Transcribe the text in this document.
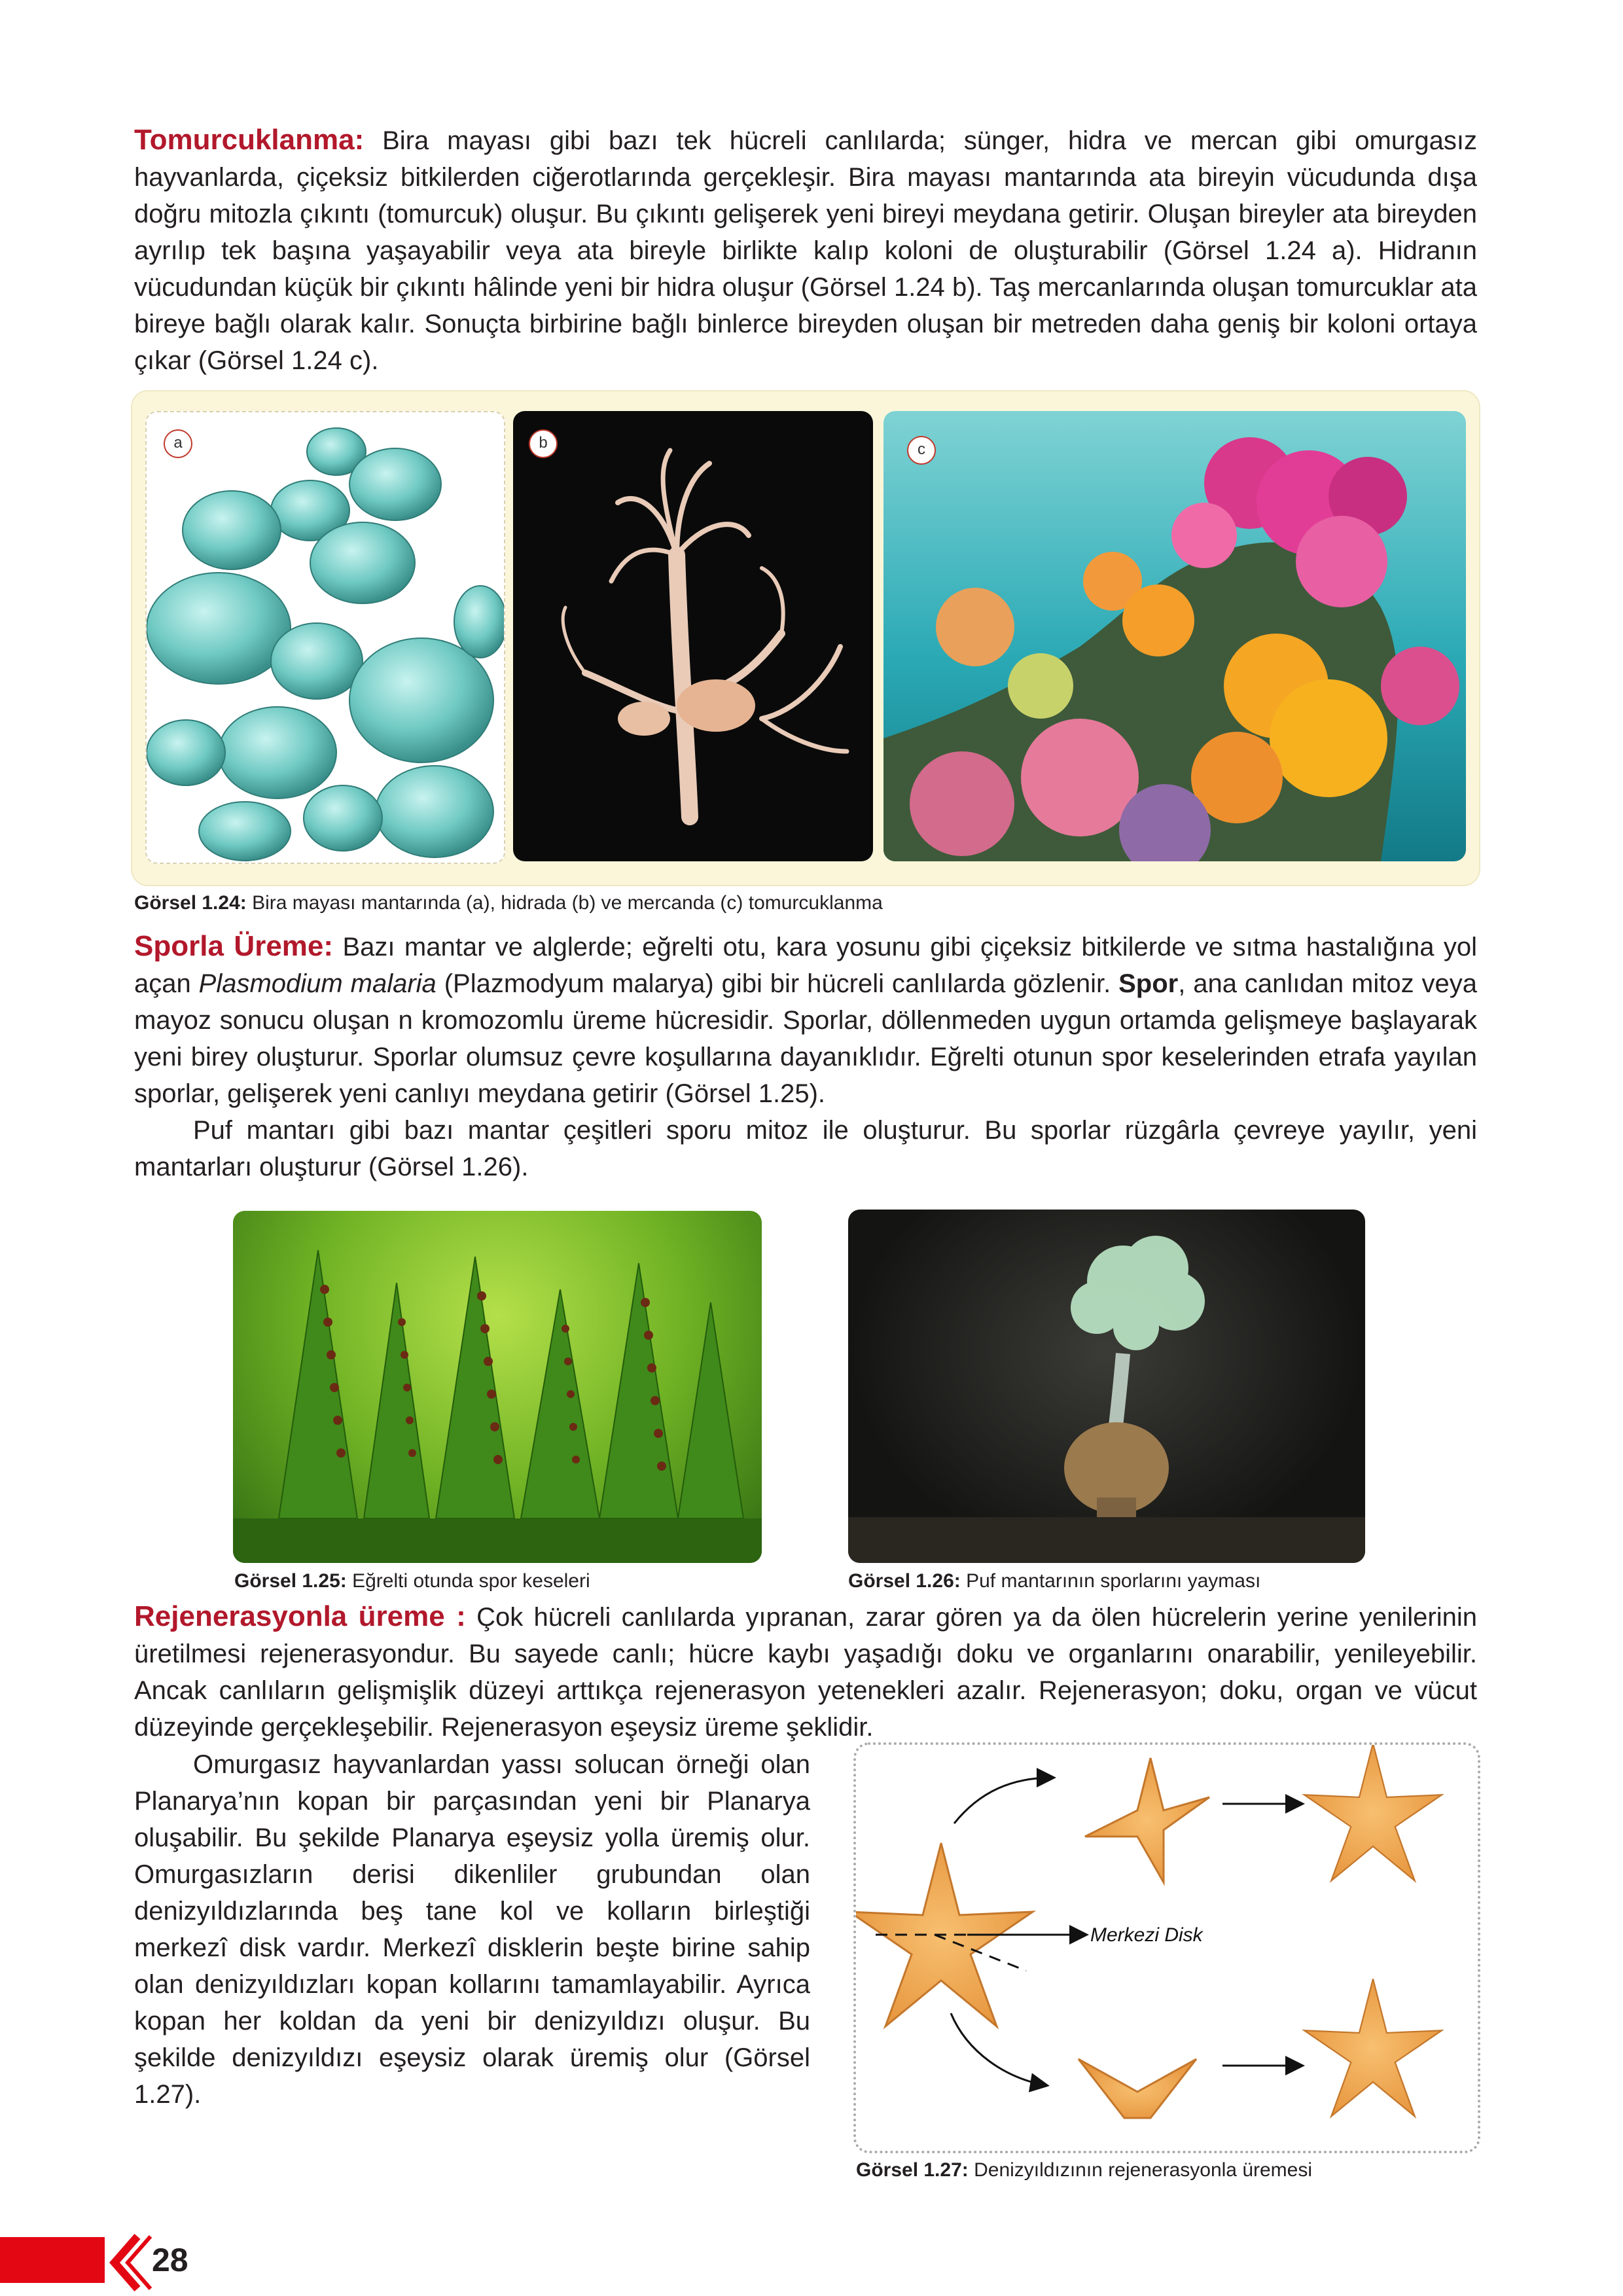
Tomurcuklanma: Bira mayası gibi bazı tek hücreli canlılarda; sünger, hidra ve mercan gibi omurgasız hayvanlarda, çiçeksiz bitkilerden ciğerotlarında gerçekleşir. Bira mayası mantarında ata bireyin vücudunda dışa doğru mitozla çıkıntı (tomurcuk) oluşur. Bu çıkıntı gelişerek yeni bireyi meydana getirir. Oluşan bireyler ata bireyden ayrılıp tek başına yaşayabilir veya ata bireyle birlikte kalıp koloni de oluşturabilir (Görsel 1.24 a). Hidranın vücudundan küçük bir çıkıntı hâlinde yeni bir hidra oluşur (Görsel 1.24 b). Taş mercanlarında oluşan tomurcuklar ata bireye bağlı olarak kalır. Sonuçta birbirine bağlı binlerce bireyden oluşan bir metreden daha geniş bir koloni ortaya çıkar (Görsel 1.24 c).

a	b	c
Görsel 1.24: Bira mayası mantarında (a), hidrada (b) ve mercanda (c) tomurcuklanma

Sporla Üreme: Bazı mantar ve alglerde; eğrelti otu, kara yosunu gibi çiçeksiz bitkilerde ve sıtma hastalığına yol açan Plasmodium malaria (Plazmodyum malarya) gibi bir hücreli canlılarda gözlenir. Spor, ana canlıdan mitoz veya mayoz sonucu oluşan n kromozomlu üreme hücresidir. Sporlar, döllenmeden uygun ortamda gelişmeye başlayarak yeni birey oluşturur. Sporlar olumsuz çevre koşullarına dayanıklıdır. Eğrelti otunun spor keselerinden etrafa yayılan sporlar, gelişerek yeni canlıyı meydana getirir (Görsel 1.25).

Puf mantarı gibi bazı mantar çeşitleri sporu mitoz ile oluşturur. Bu sporlar rüzgârla çevreye yayılır, yeni mantarları oluşturur (Görsel 1.26).

Görsel 1.25: Eğrelti otunda spor keseleri	Görsel 1.26: Puf mantarının sporlarını yayması

Rejenerasyonla üreme : Çok hücreli canlılarda yıpranan, zarar gören ya da ölen hücrelerin yerine yenilerinin üretilmesi rejenerasyondur. Bu sayede canlı; hücre kaybı yaşadığı doku ve organlarını onarabilir, yenileyebilir. Ancak canlıların gelişmişlik düzeyi arttıkça rejenerasyon yetenekleri azalır. Rejenerasyon; doku, organ ve vücut düzeyinde gerçekleşebilir. Rejenerasyon eşeysiz üreme şeklidir.

Omurgasız hayvanlardan yassı solucan örneği olan Planarya’nın kopan bir parçasından yeni bir Planarya oluşabilir. Bu şekilde Planarya eşeysiz yolla üremiş olur. Omurgasızların derisi dikenliler grubundan olan denizyıldızlarında beş tane kol ve kolların birleştiği merkezî disk vardır. Merkezî disklerin beşte birine sahip olan denizyıldızları kopan kollarını tamamlayabilir. Ayrıca kopan her koldan da yeni bir denizyıldızı oluşur. Bu şekilde denizyıldızı eşeysiz olarak üremiş olur (Görsel 1.27).

Merkezi Disk
Görsel 1.27: Denizyıldızının rejenerasyonla üremesi
28
